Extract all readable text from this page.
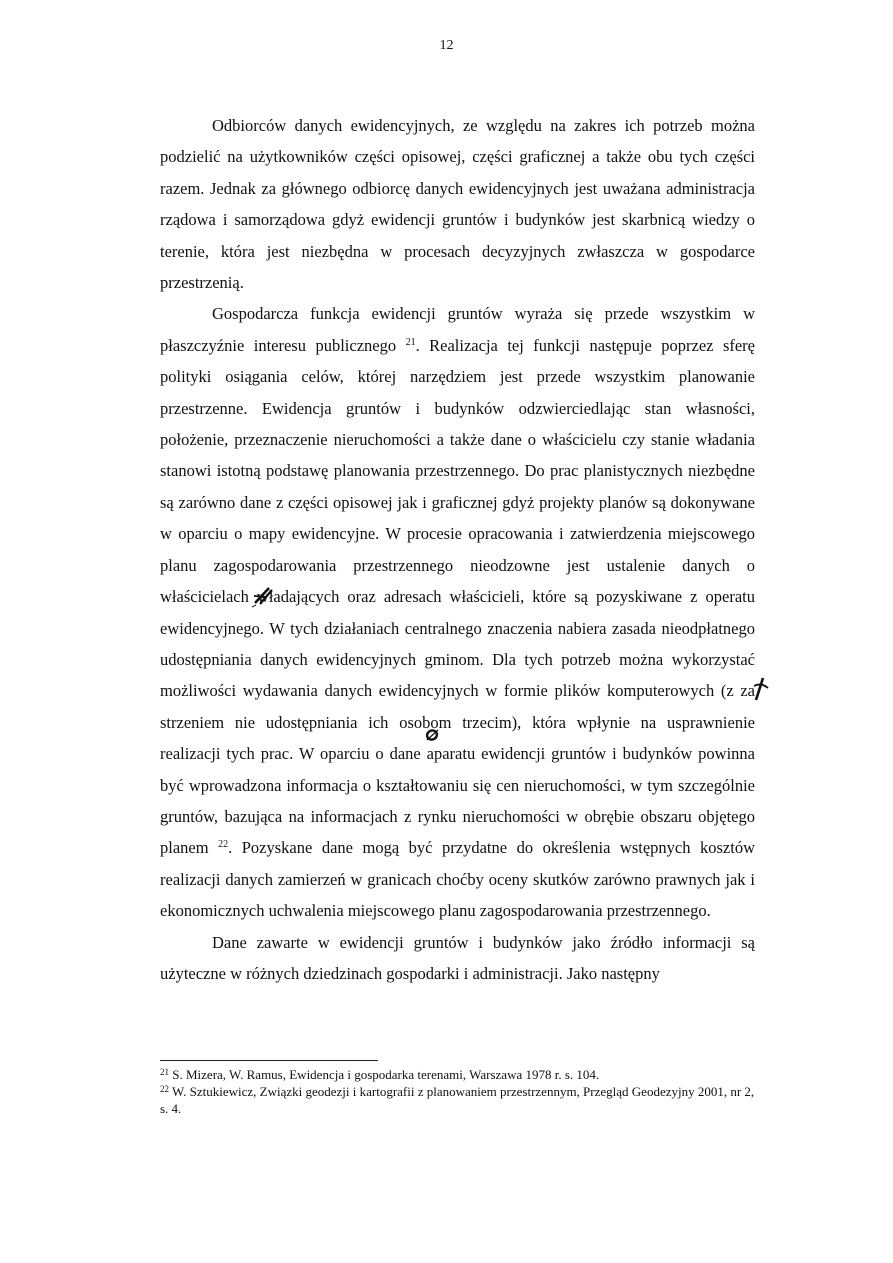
12

Odbiorców danych ewidencyjnych, ze względu na zakres ich potrzeb można podzielić na użytkowników części opisowej, części graficznej a także obu tych części razem. Jednak za głównego odbiorcę danych ewidencyjnych jest uważana administracja rządowa i samorządowa gdyż ewidencji gruntów i budynków jest skarbnicą wiedzy o terenie, która jest niezbędna w procesach decyzyjnych zwłaszcza w gospodarce przestrzenią.

Gospodarcza funkcja ewidencji gruntów wyraża się przede wszystkim w płaszczyźnie interesu publicznego $^{21}$. Realizacja tej funkcji następuje poprzez sferę polityki osiągania celów, której narzędziem jest przede wszystkim planowanie przestrzenne. Ewidencja gruntów i budynków odzwierciedlając stan własności, położenie, przeznaczenie nieruchomości a także dane o właścicielu czy stanie władania stanowi istotną podstawę planowania przestrzennego. Do prac planistycznych niezbędne są zarówno dane z części opisowej jak i graficznej gdyż projekty planów są dokonywane w oparciu o mapy ewidencyjne. W procesie opracowania i zatwierdzenia miejscowego planu zagospodarowania przestrzennego nieodzowne jest ustalenie danych o właścicielach
władających oraz adresach właścicieli, które są pozyskiwane z operatu ewidencyjnego. W tych działaniach centralnego znaczenia nabiera zasada nieodpłatnego udostępniania danych ewidencyjnych gminom. Dla tych potrzeb można wykorzystać możliwości wydawania danych ewidencyjnych w formie plików komputerowych (z za
strzeniem nie udostępniania ich osobom trzecim), która wpłynie na usprawnienie realizacji tych prac. W oparciu o dane
aparatu ewidencji gruntów i budynków powinna być wprowadzona informacja o kształtowaniu się cen nieruchomości, w tym szczególnie gruntów, bazująca na informacjach z rynku nieruchomości w obrębie obszaru objętego planem $^{22}$. Pozyskane dane mogą być przydatne do określenia wstępnych kosztów realizacji danych zamierzeń w granicach choćby oceny skutków zarówno prawnych jak i ekonomicznych uchwalenia miejscowego planu zagospodarowania przestrzennego.

Dane zawarte w ewidencji gruntów i budynków jako źródło informacji są użyteczne w różnych dziedzinach gospodarki i administracji. Jako następny

$^{21}$ S. Mizera, W. Ramus, Ewidencja i gospodarka terenami, Warszawa 1978 r. s. 104.

$^{22}$ W. Sztukiewicz, Związki geodezji i kartografii z planowaniem przestrzennym, Przegląd Geodezyjny 2001, nr 2, s. 4.
